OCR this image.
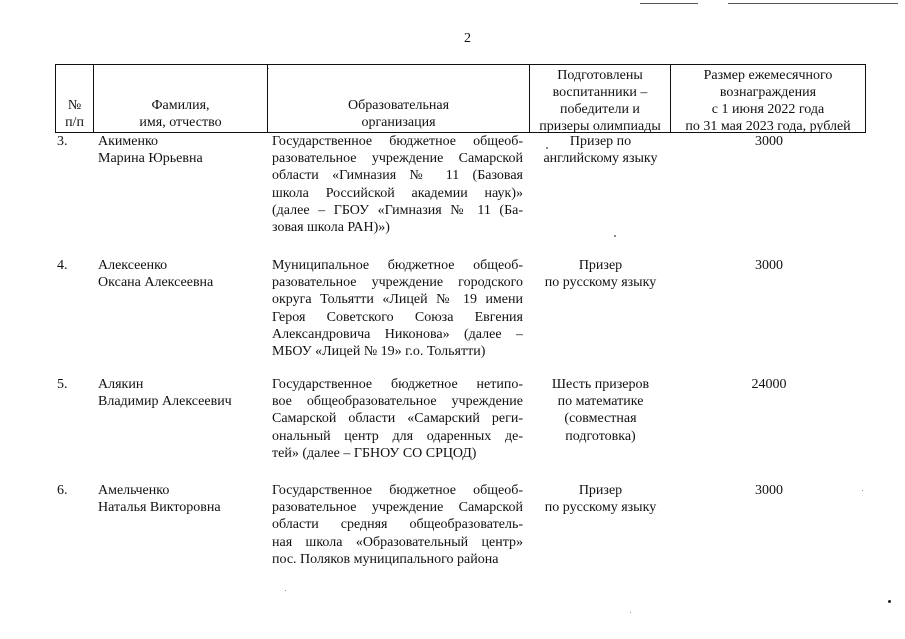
2
№
п/п
Фамилия,
имя, отчество
Образовательная
организация
Подготовлены
воспитанники –
победители и
призеры олимпиады
Размер ежемесячного
вознаграждения
с 1 июня 2022 года
по 31 мая 2023 года, рублей
3. Акименко
Марина Юрьевна
Государственное бюджетное общеоб-
разовательное учреждение Самарской
области «Гимназия № 11 (Базовая
школа Российской академии наук)»
(далее – ГБОУ «Гимназия № 11 (Ба-
зовая школа РАН)»)
Призер по
английскому языку
3000
4. Алексеенко
Оксана Алексеевна
Муниципальное бюджетное общеоб-
разовательное учреждение городского
округа Тольятти «Лицей № 19 имени
Героя Советского Союза Евгения
Александровича Никонова» (далее –
МБОУ «Лицей № 19» г.о. Тольятти)
Призер
по русскому языку
3000
5. Алякин
Владимир Алексеевич
Государственное бюджетное нетипо-
вое общеобразовательное учреждение
Самарской области «Самарский реги-
ональный центр для одаренных де-
тей» (далее – ГБНОУ СО СРЦОД)
Шесть призеров
по математике
(совместная
подготовка)
24000
6. Амельченко
Наталья Викторовна
Государственное бюджетное общеоб-
разовательное учреждение Самарской
области средняя общеобразователь-
ная школа «Образовательный центр»
пос. Поляков муниципального района
Призер
по русскому языку
3000
